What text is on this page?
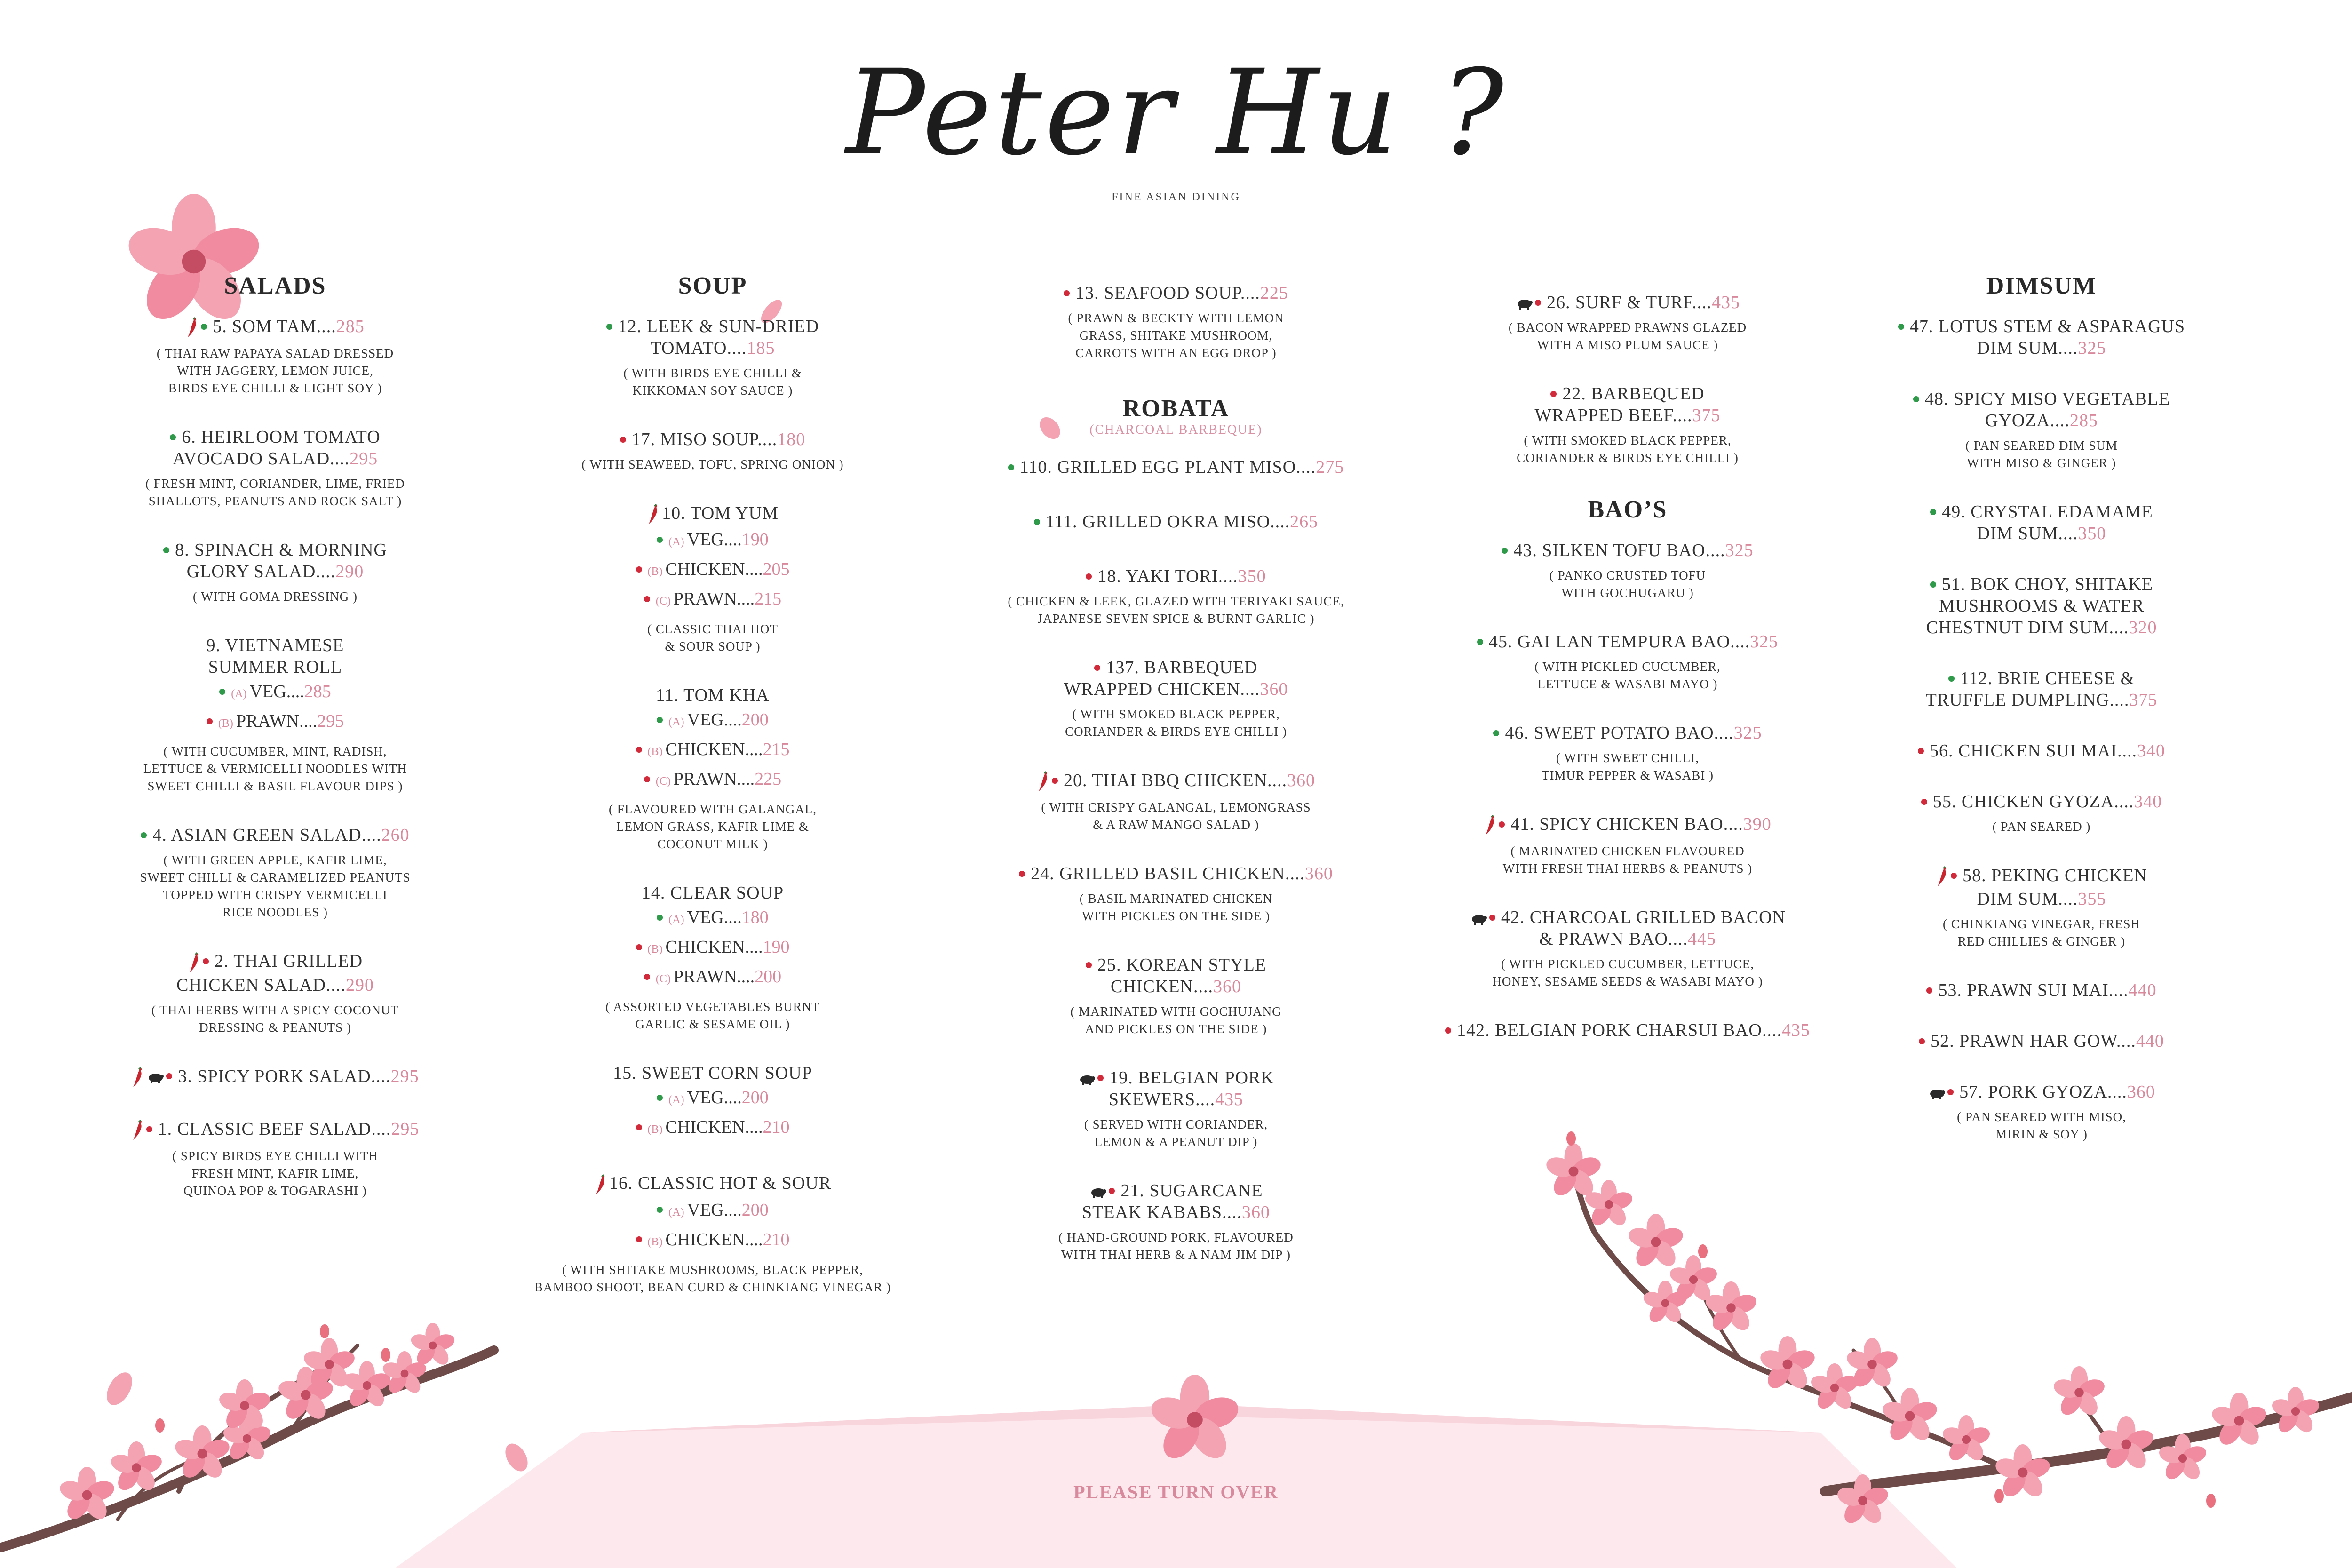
Peter Hu ?
FINE ASIAN DINING
SALADS
5. SOM TAM....285
( THAI RAW PAPAYA SALAD DRESSED
WITH JAGGERY, LEMON JUICE,
BIRDS EYE CHILLI & LIGHT SOY )
6. HEIRLOOM TOMATO
AVOCADO SALAD....295
( FRESH MINT, CORIANDER, LIME, FRIED
SHALLOTS, PEANUTS AND ROCK SALT )
8. SPINACH & MORNING
GLORY SALAD....290
( WITH GOMA DRESSING )
9. VIETNAMESE
SUMMER ROLL
(A) VEG....285
(B) PRAWN....295
( WITH CUCUMBER, MINT, RADISH,
LETTUCE & VERMICELLI NOODLES WITH
SWEET CHILLI & BASIL FLAVOUR DIPS )
4. ASIAN GREEN SALAD....260
( WITH GREEN APPLE, KAFIR LIME,
SWEET CHILLI & CARAMELIZED PEANUTS
TOPPED WITH CRISPY VERMICELLI
RICE NOODLES )
2. THAI GRILLED
CHICKEN SALAD....290
( THAI HERBS WITH A SPICY COCONUT
DRESSING & PEANUTS )
3. SPICY PORK SALAD....295
1. CLASSIC BEEF SALAD....295
( SPICY BIRDS EYE CHILLI WITH
FRESH MINT, KAFIR LIME,
QUINOA POP & TOGARASHI )
SOUP
12. LEEK & SUN-DRIED
TOMATO....185
( WITH BIRDS EYE CHILLI &
KIKKOMAN SOY SAUCE )
17. MISO SOUP....180
( WITH SEAWEED, TOFU, SPRING ONION )
10. TOM YUM
(A) VEG....190
(B) CHICKEN....205
(C) PRAWN....215
( CLASSIC THAI HOT
& SOUR SOUP )
11. TOM KHA
(A) VEG....200
(B) CHICKEN....215
(C) PRAWN....225
( FLAVOURED WITH GALANGAL,
LEMON GRASS, KAFIR LIME &
COCONUT MILK )
14. CLEAR SOUP
(A) VEG....180
(B) CHICKEN....190
(C) PRAWN....200
( ASSORTED VEGETABLES BURNT
GARLIC & SESAME OIL )
15. SWEET CORN SOUP
(A) VEG....200
(B) CHICKEN....210
16. CLASSIC HOT & SOUR
(A) VEG....200
(B) CHICKEN....210
( WITH SHITAKE MUSHROOMS, BLACK PEPPER,
BAMBOO SHOOT, BEAN CURD & CHINKIANG VINEGAR )
13. SEAFOOD SOUP....225
( PRAWN & BECKTY WITH LEMON
GRASS, SHITAKE MUSHROOM,
CARROTS WITH AN EGG DROP )
ROBATA
(CHARCOAL BARBEQUE)
110. GRILLED EGG PLANT MISO....275
111. GRILLED OKRA MISO....265
18. YAKI TORI....350
( CHICKEN & LEEK, GLAZED WITH TERIYAKI SAUCE,
JAPANESE SEVEN SPICE & BURNT GARLIC )
137. BARBEQUED
WRAPPED CHICKEN....360
( WITH SMOKED BLACK PEPPER,
CORIANDER & BIRDS EYE CHILLI )
20. THAI BBQ CHICKEN....360
( WITH CRISPY GALANGAL, LEMONGRASS
& A RAW MANGO SALAD )
24. GRILLED BASIL CHICKEN....360
( BASIL MARINATED CHICKEN
WITH PICKLES ON THE SIDE )
25. KOREAN STYLE
CHICKEN....360
( MARINATED WITH GOCHUJANG
AND PICKLES ON THE SIDE )
19. BELGIAN PORK
SKEWERS....435
( SERVED WITH CORIANDER,
LEMON & A PEANUT DIP )
21. SUGARCANE
STEAK KABABS....360
( HAND-GROUND PORK, FLAVOURED
WITH THAI HERB & A NAM JIM DIP )
26. SURF & TURF....435
( BACON WRAPPED PRAWNS GLAZED
WITH A MISO PLUM SAUCE )
22. BARBEQUED
WRAPPED BEEF....375
( WITH SMOKED BLACK PEPPER,
CORIANDER & BIRDS EYE CHILLI )
BAO’S
43. SILKEN TOFU BAO....325
( PANKO CRUSTED TOFU
WITH GOCHUGARU )
45. GAI LAN TEMPURA BAO....325
( WITH PICKLED CUCUMBER,
LETTUCE & WASABI MAYO )
46. SWEET POTATO BAO....325
( WITH SWEET CHILLI,
TIMUR PEPPER & WASABI )
41. SPICY CHICKEN BAO....390
( MARINATED CHICKEN FLAVOURED
WITH FRESH THAI HERBS & PEANUTS )
42. CHARCOAL GRILLED BACON
& PRAWN BAO....445
( WITH PICKLED CUCUMBER, LETTUCE,
HONEY, SESAME SEEDS & WASABI MAYO )
142. BELGIAN PORK CHARSUI BAO....435
DIMSUM
47. LOTUS STEM & ASPARAGUS
DIM SUM....325
48. SPICY MISO VEGETABLE
GYOZA....285
( PAN SEARED DIM SUM
WITH MISO & GINGER )
49. CRYSTAL EDAMAME
DIM SUM....350
51. BOK CHOY, SHITAKE
MUSHROOMS & WATER
CHESTNUT DIM SUM....320
112. BRIE CHEESE &
TRUFFLE DUMPLING....375
56. CHICKEN SUI MAI....340
55. CHICKEN GYOZA....340
( PAN SEARED )
58. PEKING CHICKEN
DIM SUM....355
( CHINKIANG VINEGAR, FRESH
RED CHILLIES & GINGER )
53. PRAWN SUI MAI....440
52. PRAWN HAR GOW....440
57. PORK GYOZA....360
( PAN SEARED WITH MISO,
MIRIN & SOY )
PLEASE TURN OVER
